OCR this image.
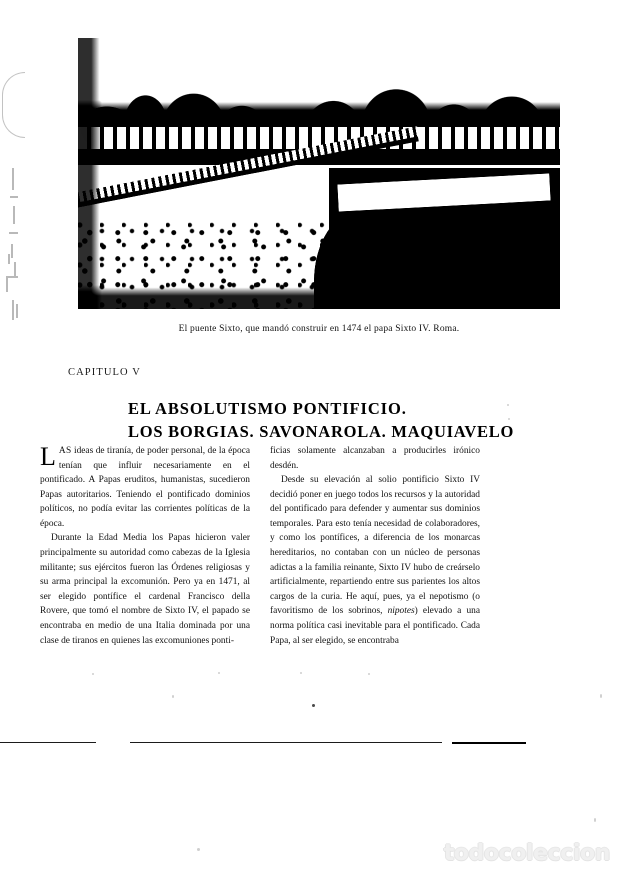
El puente Sixto, que mandó construir en 1474 el papa Sixto IV. Roma.
CAPITULO V
EL ABSOLUTISMO PONTIFICIO.
LOS BORGIAS. SAVONAROLA. MAQUIAVELO

LAS ideas de tiranía, de poder personal, de la época tenían que influir necesariamente en el pontificado. A Papas eruditos, humanistas, sucedieron Papas autoritarios. Teniendo el pontificado dominios políticos, no podía evitar las corrientes políticas de la época.

Durante la Edad Media los Papas hicieron valer principalmente su autoridad como cabezas de la Iglesia militante; sus ejércitos fueron las Órdenes religiosas y su arma principal la excomunión. Pero ya en 1471, al ser elegido pontífice el cardenal Francisco della Rovere, que tomó el nombre de Sixto IV, el papado se encontraba en medio de una Italia dominada por una clase de tiranos en quienes las excomuniones ponti-

ficias solamente alcanzaban a producirles irónico desdén.

Desde su elevación al solio pontificio Sixto IV decidió poner en juego todos los recursos y la autoridad del pontificado para defender y aumentar sus dominios temporales. Para esto tenía necesidad de colaboradores, y como los pontífices, a diferencia de los monarcas hereditarios, no contaban con un núcleo de personas adictas a la familia reinante, Sixto IV hubo de creárselo artificialmente, repartiendo entre sus parientes los altos cargos de la curia. He aquí, pues, ya el nepotismo (o favoritismo de los sobrinos, nipotes) elevado a una norma política casi inevitable para el pontificado. Cada Papa, al ser elegido, se encontraba

todocoleccion
